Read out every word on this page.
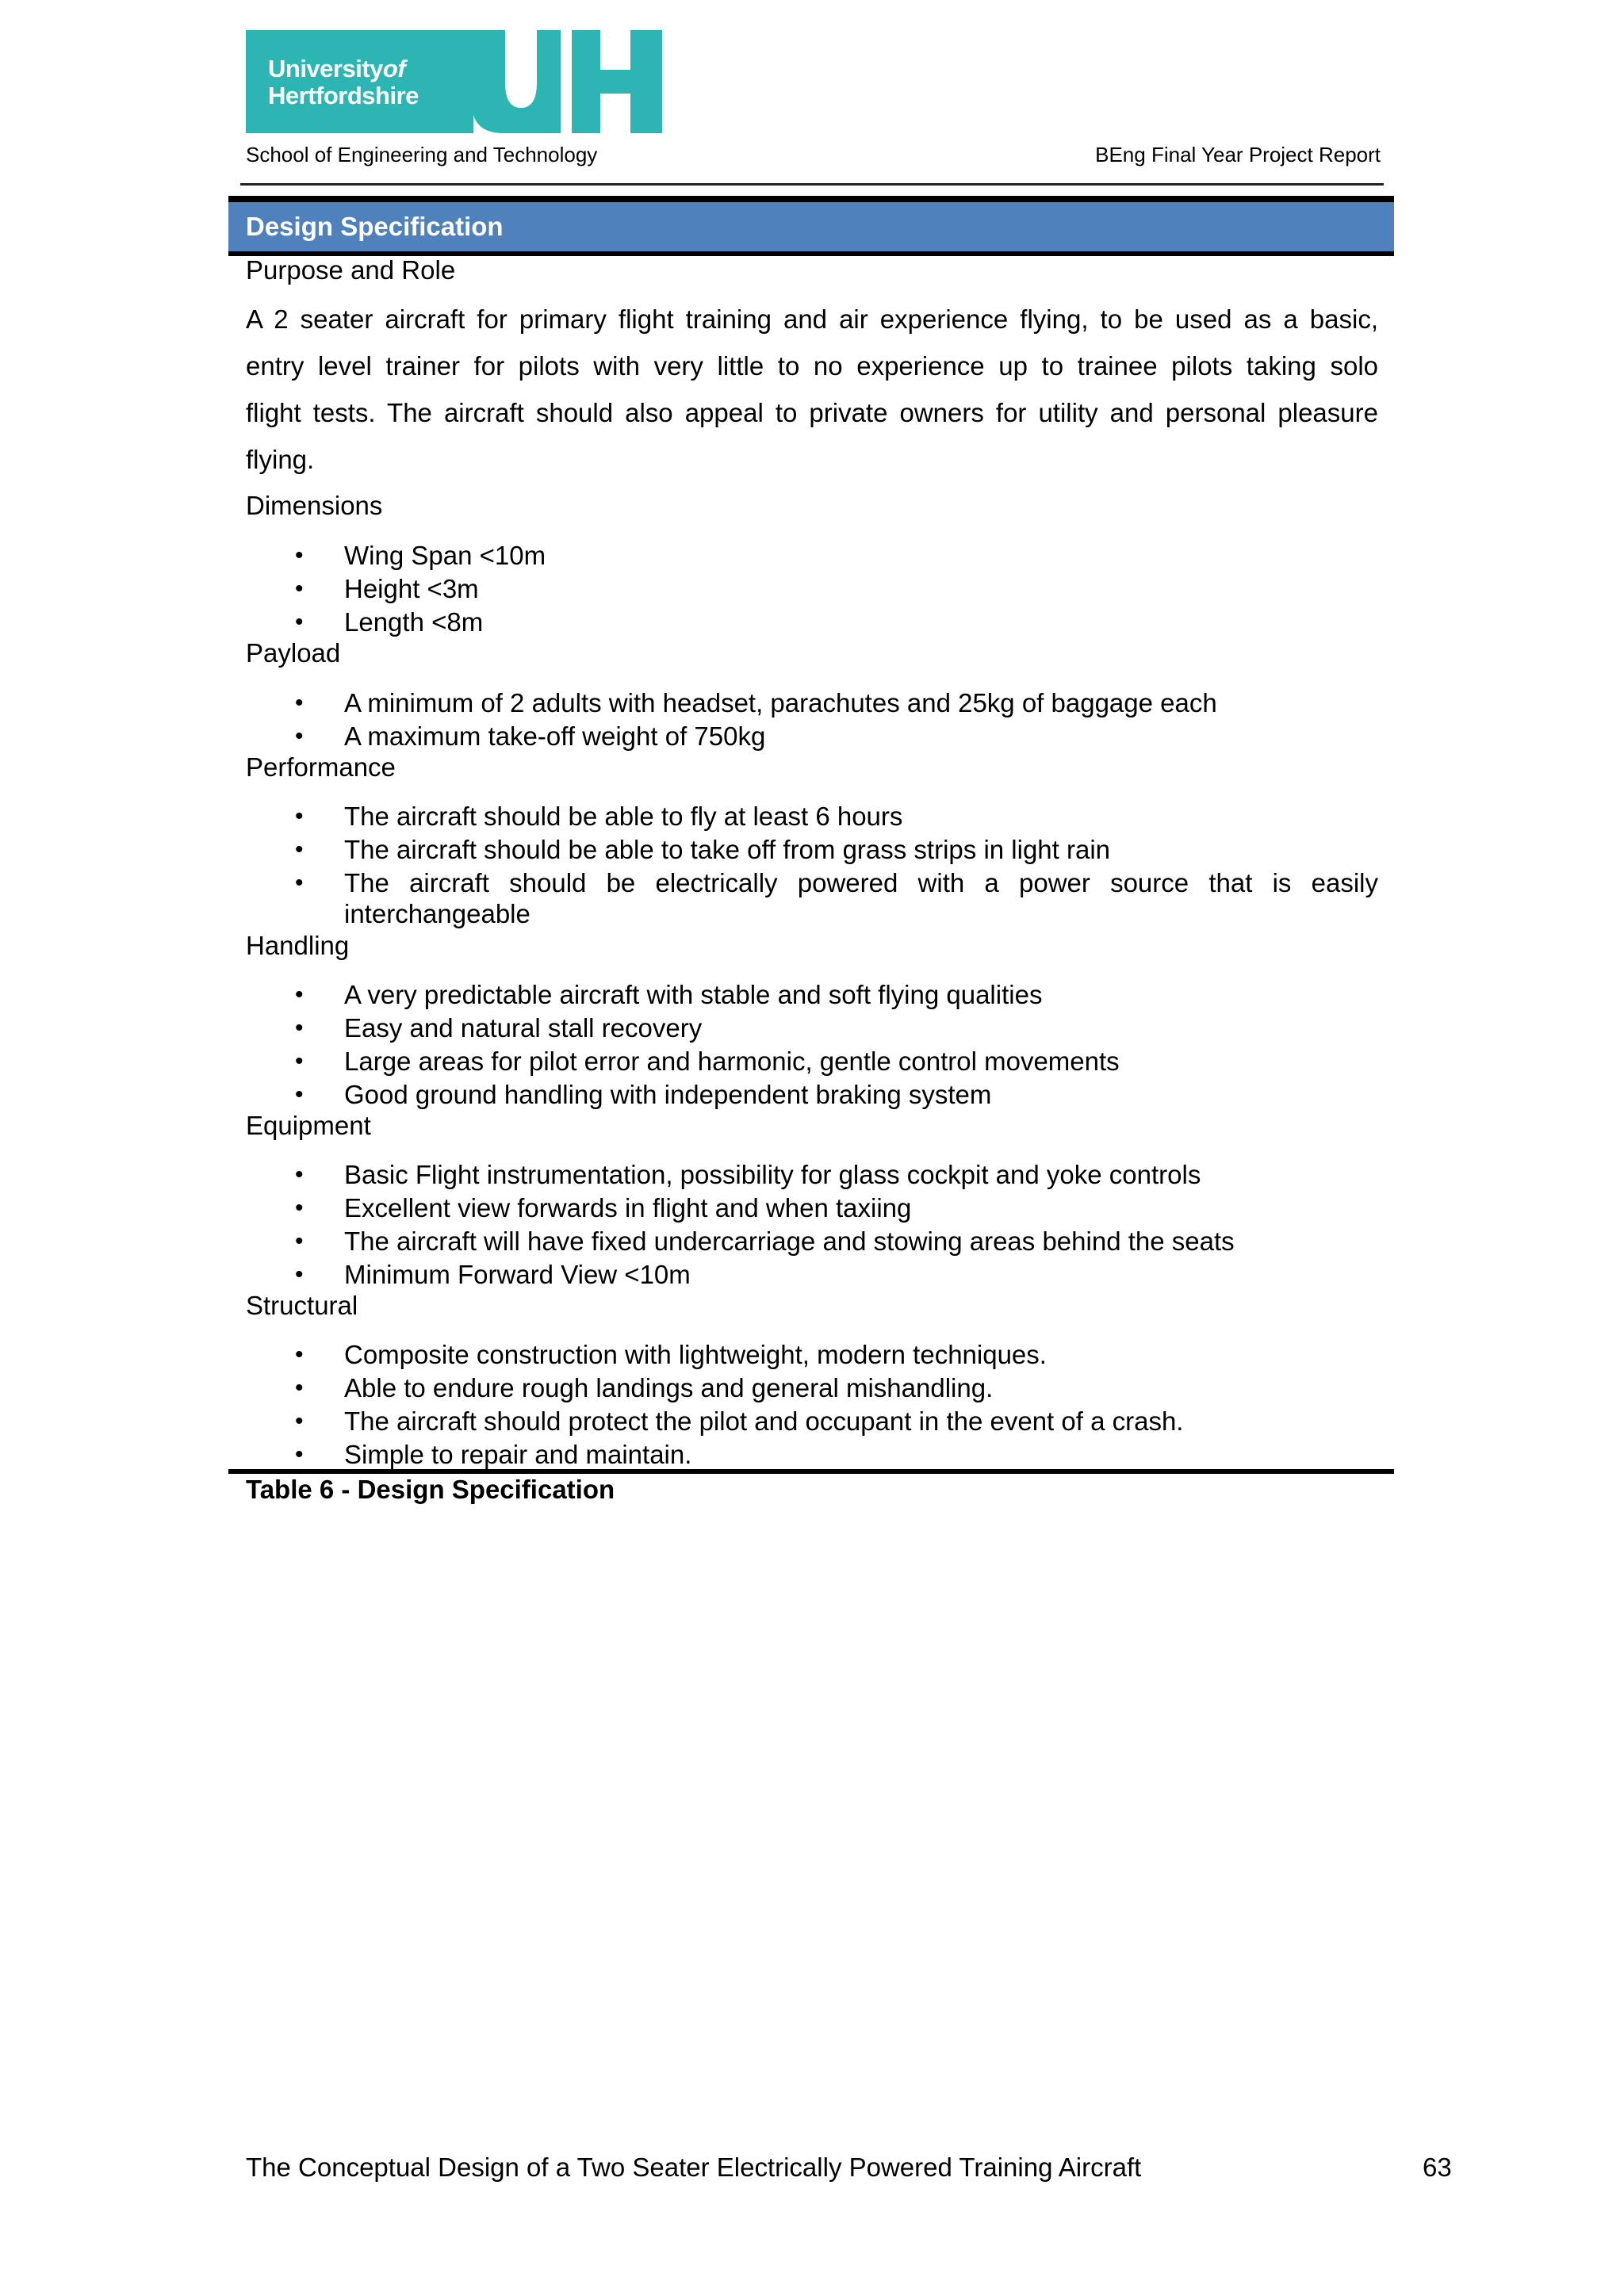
Universityof
Hertfordshire
School of Engineering and Technology	BEng Final Year Project Report
Design Specification
Purpose and Role
A 2 seater aircraft for primary flight training and air experience flying, to be used as a basic,
entry level trainer for pilots with very little to no experience up to trainee pilots taking solo
flight tests. The aircraft should also appeal to private owners for utility and personal pleasure
flying.
Dimensions
• Wing Span <10m
• Height <3m
• Length <8m
Payload
• A minimum of 2 adults with headset, parachutes and 25kg of baggage each
• A maximum take-off weight of 750kg
Performance
• The aircraft should be able to fly at least 6 hours
• The aircraft should be able to take off from grass strips in light rain
• The aircraft should be electrically powered with a power source that is easily
interchangeable
Handling
• A very predictable aircraft with stable and soft flying qualities
• Easy and natural stall recovery
• Large areas for pilot error and harmonic, gentle control movements
• Good ground handling with independent braking system
Equipment
• Basic Flight instrumentation, possibility for glass cockpit and yoke controls
• Excellent view forwards in flight and when taxiing
• The aircraft will have fixed undercarriage and stowing areas behind the seats
• Minimum Forward View <10m
Structural
• Composite construction with lightweight, modern techniques.
• Able to endure rough landings and general mishandling.
• The aircraft should protect the pilot and occupant in the event of a crash.
• Simple to repair and maintain.
Table 6 - Design Specification
The Conceptual Design of a Two Seater Electrically Powered Training Aircraft	63
